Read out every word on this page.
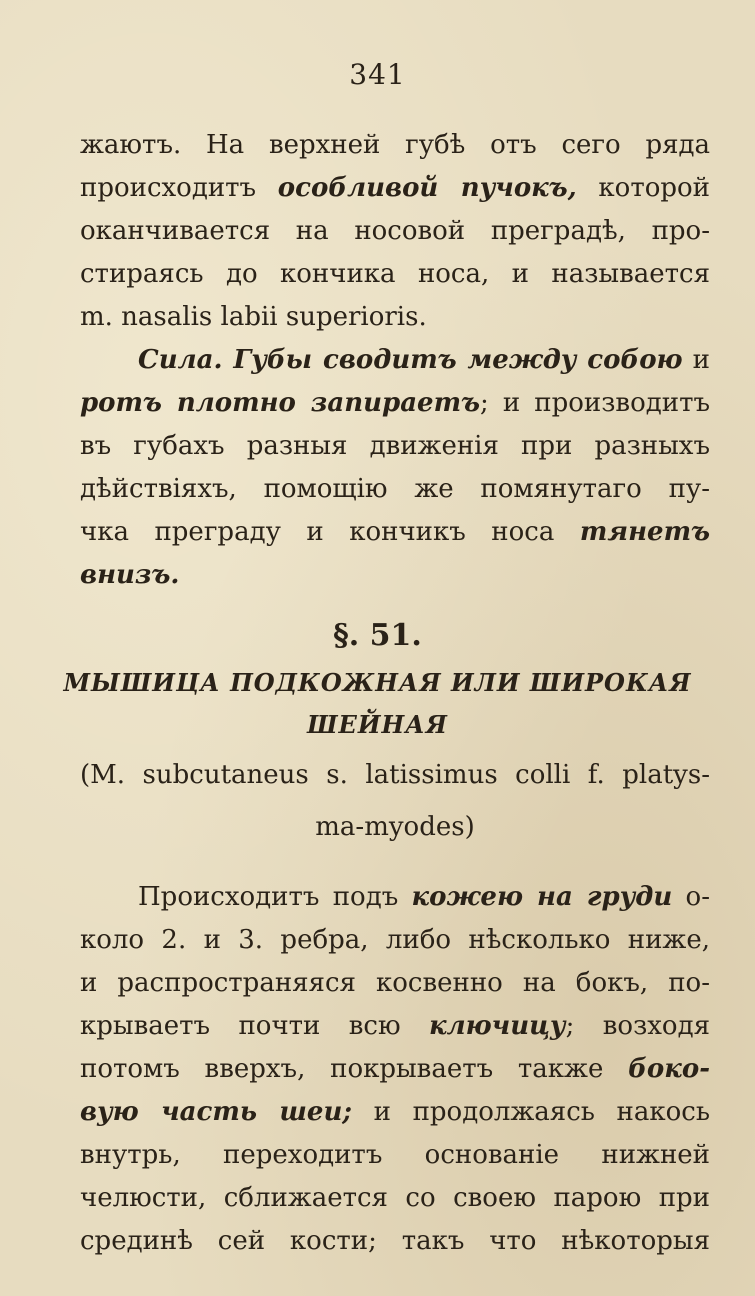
341
жаютъ. На верхней губѣ отъ сего ряда
происходитъ особливой пучокъ, которой
оканчивается на носовой преградѣ, про-
стираясь до кончика носа, и называется
m. nasalis labii superioris.
Сила. Губы сводитъ между собою и
ротъ плотно запираетъ; и производитъ
въ губахъ разныя движенія при разныхъ
дѣйствіяхъ, помощію же помянутаго пу-
чка преграду и кончикъ носа тянетъ
внизъ.
§. 51.
МЫШИЦА ПОДКОЖНАЯ ИЛИ ШИРОКАЯ
ШЕЙНАЯ
(M. subcutaneus s. latissimus colli f. platys-
ma-myodes)
Происходитъ подъ кожею на груди о-
коло 2. и 3. ребра, либо нѣсколько ниже,
и распространяяся косвенно на бокъ, по-
крываетъ почти всю ключицу; возходя
потомъ вверхъ, покрываетъ также боко-
вую часть шеи; и продолжаясь накось
внутрь, переходитъ основаніе нижней
челюсти, сближается со своею парою при
срединѣ сей кости; такъ что нѣкоторыя
